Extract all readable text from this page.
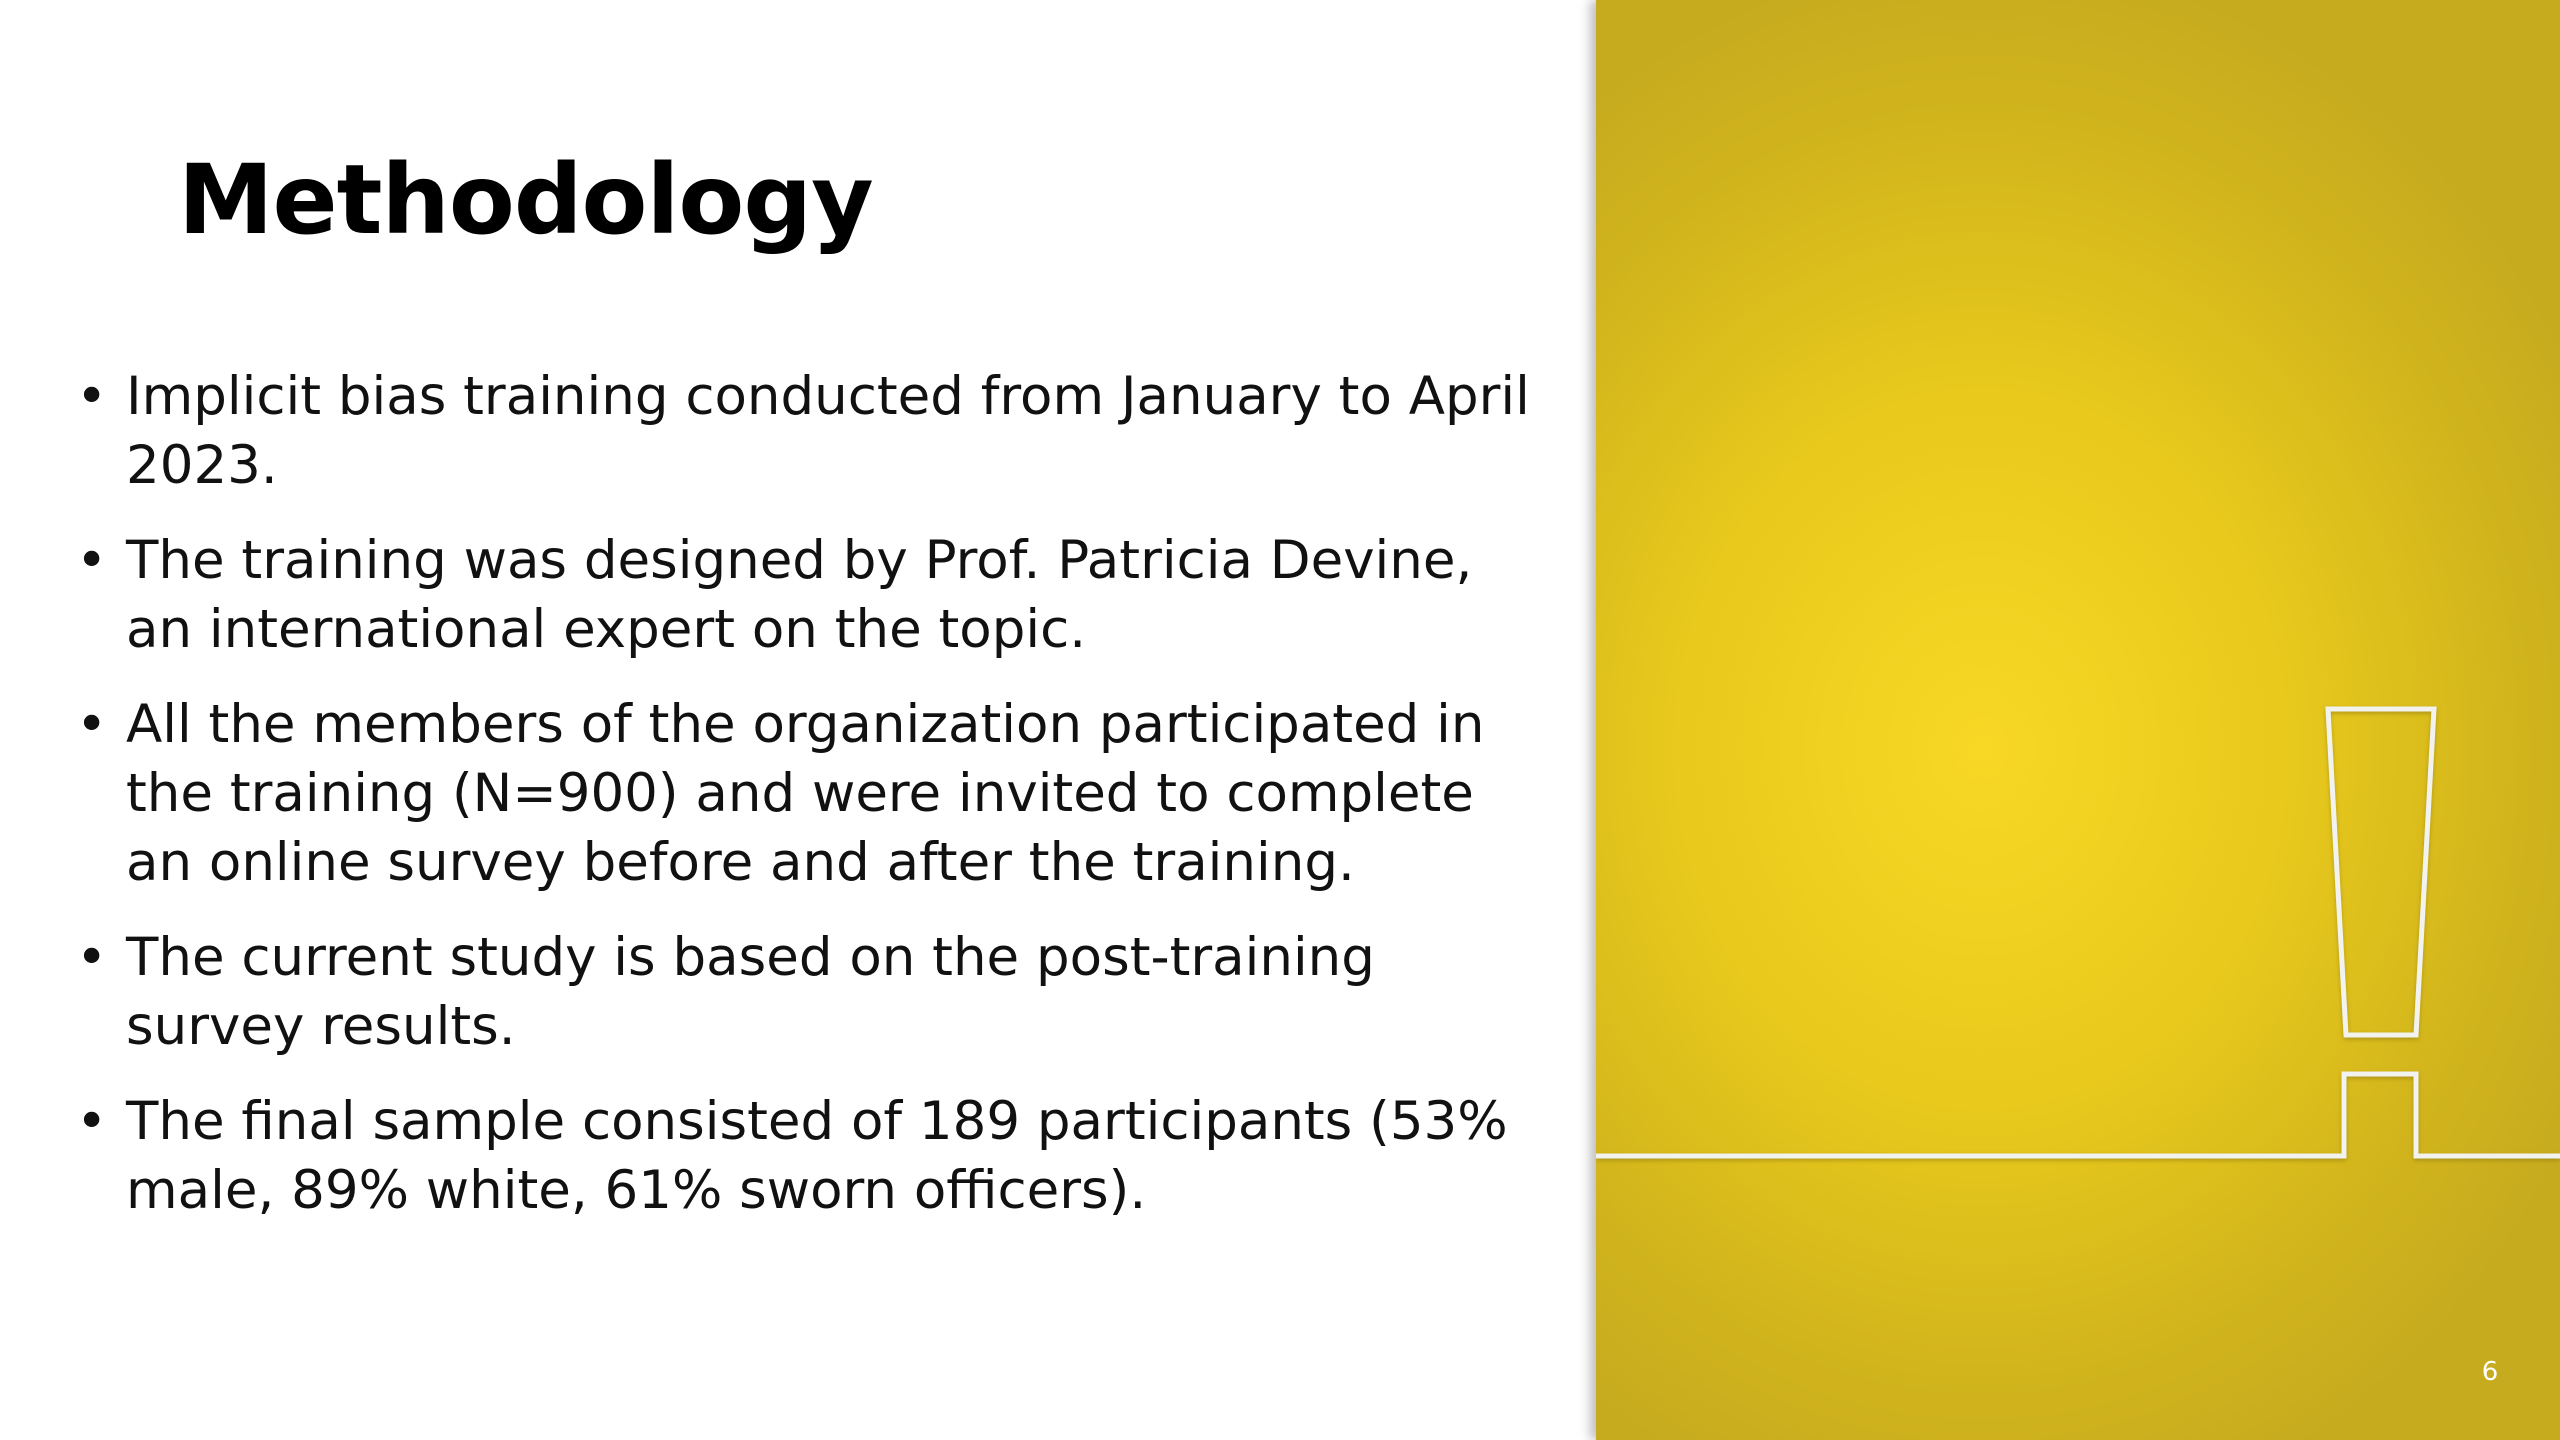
Methodology
• Implicit bias training conducted from January to April 2023.
• The training was designed by Prof. Patricia Devine, an international expert on the topic.
• All the members of the organization participated in the training (N=900) and were invited to complete an online survey before and after the training.
• The current study is based on the post-training survey results.
• The final sample consisted of 189 participants (53% male, 89% white, 61% sworn officers).
6
